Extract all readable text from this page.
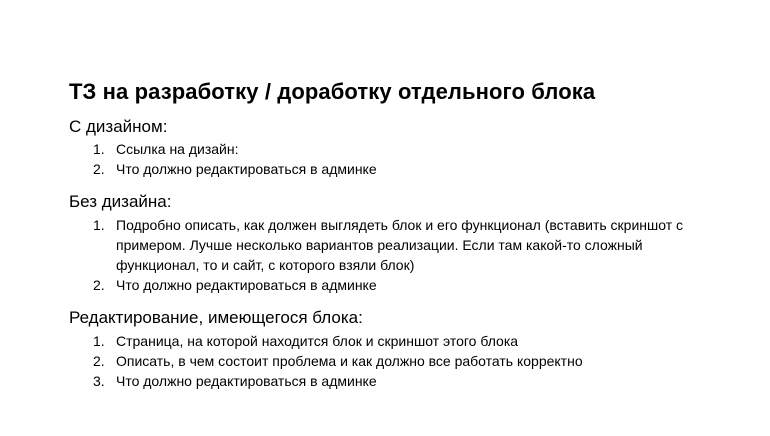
ТЗ на разработку / доработку отдельного блока

С дизайном:

1. Ссылка на дизайн:
2. Что должно редактироваться в админке

Без дизайна:

1. Подробно описать, как должен выглядеть блок и его функционал (вставить скриншот с примером. Лучше несколько вариантов реализации. Если там какой-то сложный функционал, то и сайт, с которого взяли блок)
2. Что должно редактироваться в админке

Редактирование, имеющегося блока:

1. Страница, на которой находится блок и скриншот этого блока
2. Описать, в чем состоит проблема и как должно все работать корректно
3. Что должно редактироваться в админке
